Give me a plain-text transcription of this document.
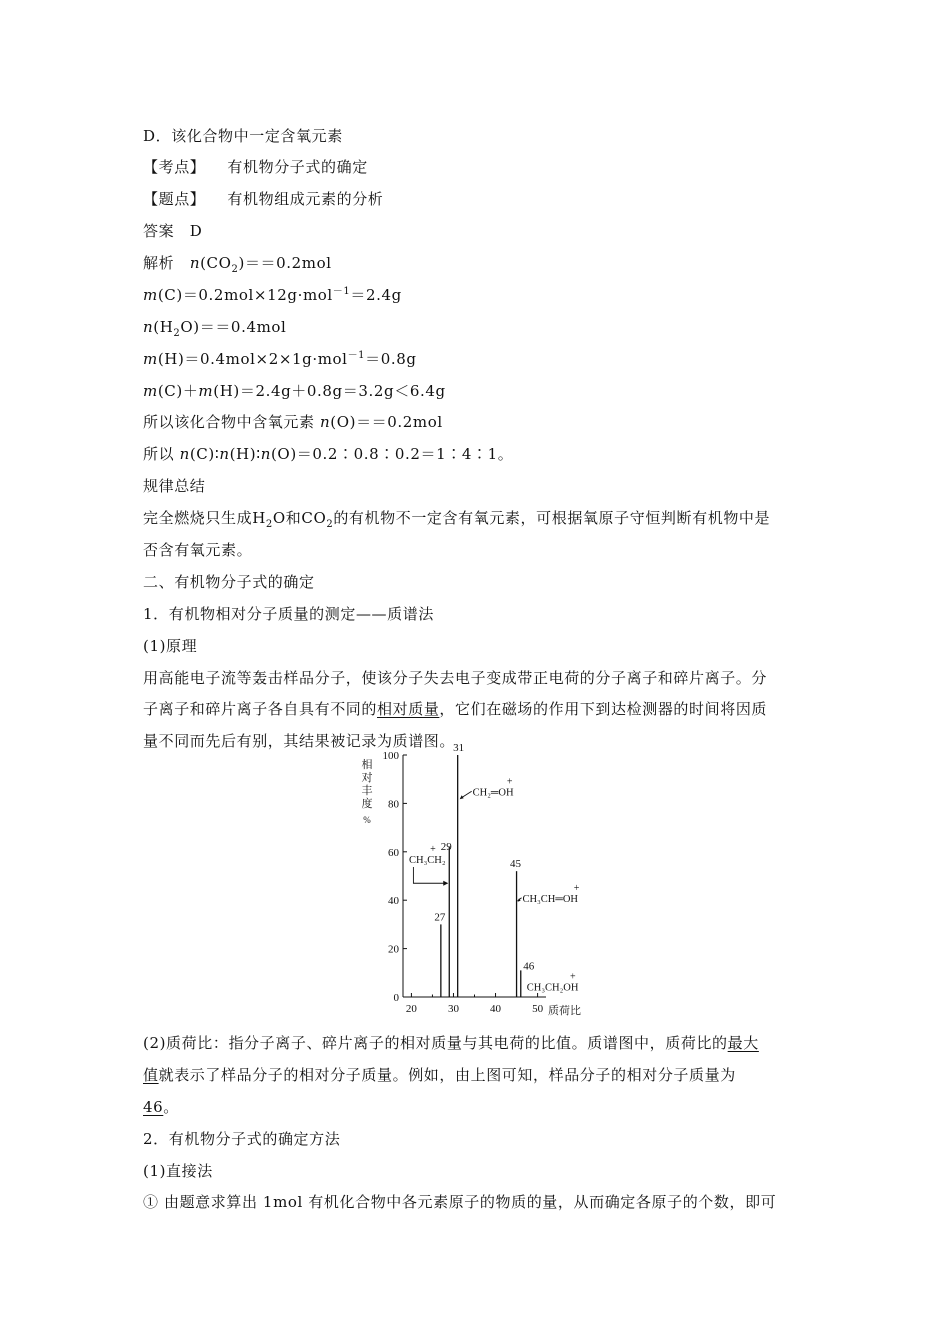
D．该化合物中一定含氧元素
【考点】 有机物分子式的确定
【题点】 有机物组成元素的分析
答案　D
解析　$n(CO_2)==0.2mol$
m(C)＝0.2mol×12g·mol$^{-1}$＝2.4g
$n(H_2O)==0.4mol$
m(H)＝0.4mol×2×1g·mol$^{-1}$＝0.8g
m(C)＋m(H)＝2.4g＋0.8g＝3.2g＜6.4g
所以该化合物中含氧元素 n(O)＝＝0.2mol
所以 n(C)∶n(H)∶n(O)＝0.2∶0.8∶0.2＝1∶4∶1。
规律总结
完全燃烧只生成$H_2O$和$CO_2$的有机物不一定含有氧元素，可根据氧原子守恒判断有机物中是
否含有氧元素。
二、有机物分子式的确定
1．有机物相对分子质量的测定——质谱法
(1)原理
用高能电子流等轰击样品分子，使该分子失去电子变成带正电荷的分子离子和碎片离子。分
子离子和碎片离子各自具有不同的相对质量，它们在磁场的作用下到达检测器的时间将因质
量不同而先后有别，其结果被记录为质谱图。
相
对
丰
度
%
0
20
40
60
80
100
20	30	40	50
27
29
31
45
46
CH₂═OH
+
CH₃CH₂
+
CH₃CH═OH
+
CH₃CH₂OH
+
质荷比
(2)质荷比：指分子离子、碎片离子的相对质量与其电荷的比值。质谱图中，质荷比的最大
值就表示了样品分子的相对分子质量。例如，由上图可知，样品分子的相对分子质量为
46。
2．有机物分子式的确定方法
(1)直接法
① 由题意求算出 1mol 有机化合物中各元素原子的物质的量，从而确定各原子的个数，即可
